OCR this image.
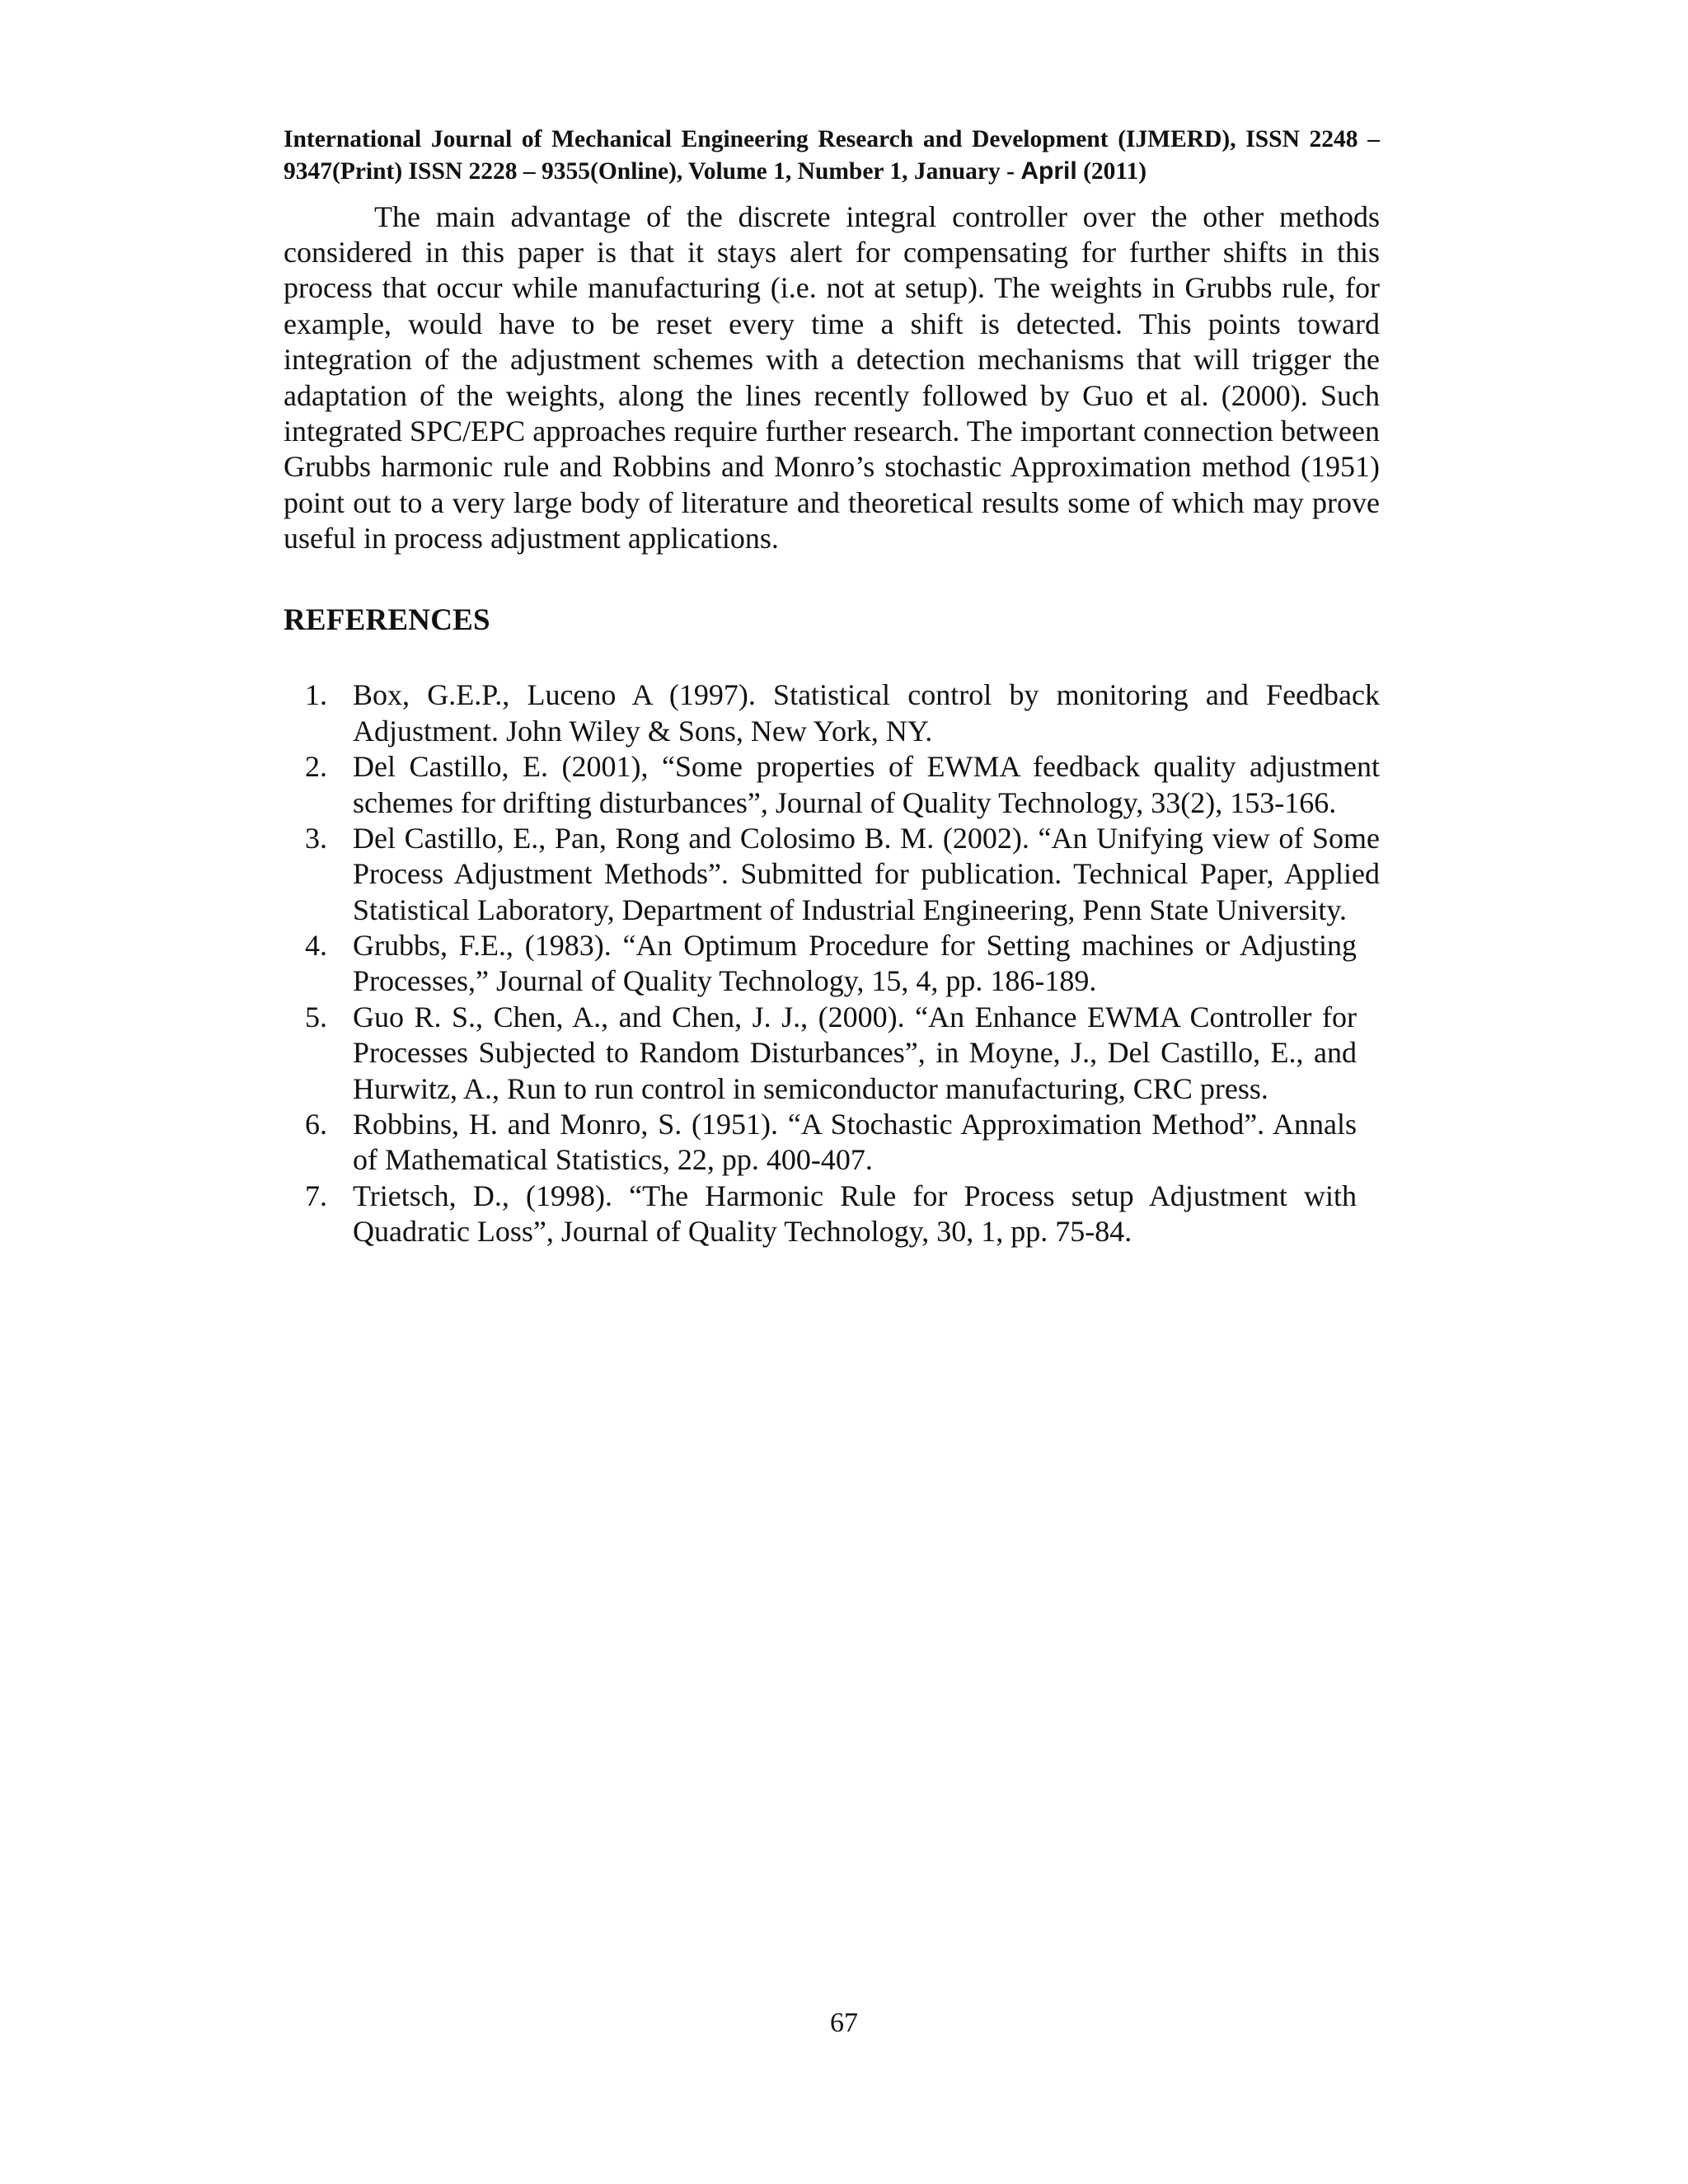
International Journal of Mechanical Engineering Research and Development (IJMERD), ISSN 2248 – 9347(Print) ISSN 2228 – 9355(Online), Volume 1, Number 1, January - April (2011)

The main advantage of the discrete integral controller over the other methods considered in this paper is that it stays alert for compensating for further shifts in this process that occur while manufacturing (i.e. not at setup). The weights in Grubbs rule, for example, would have to be reset every time a shift is detected. This points toward integration of the adjustment schemes with a detection mechanisms that will trigger the adaptation of the weights, along the lines recently followed by Guo et al. (2000). Such integrated SPC/EPC approaches require further research. The important connection between Grubbs harmonic rule and Robbins and Monro’s stochastic Approximation method (1951) point out to a very large body of literature and theoretical results some of which may prove useful in process adjustment applications.

REFERENCES
1. Box, G.E.P., Luceno A (1997). Statistical control by monitoring and Feedback Adjustment. John Wiley & Sons, New York, NY.
2. Del Castillo, E. (2001), “Some properties of EWMA feedback quality adjustment schemes for drifting disturbances”, Journal of Quality Technology, 33(2), 153-166.
3. Del Castillo, E., Pan, Rong and Colosimo B. M. (2002). “An Unifying view of Some Process Adjustment Methods”. Submitted for publication. Technical Paper, Applied Statistical Laboratory, Department of Industrial Engineering, Penn State University.
4. Grubbs, F.E., (1983). “An Optimum Procedure for Setting machines or Adjusting Processes,” Journal of Quality Technology, 15, 4, pp. 186-189.
5. Guo R. S., Chen, A., and Chen, J. J., (2000). “An Enhance EWMA Controller for Processes Subjected to Random Disturbances”, in Moyne, J., Del Castillo, E., and Hurwitz, A., Run to run control in semiconductor manufacturing, CRC press.
6. Robbins, H. and Monro, S. (1951). “A Stochastic Approximation Method”. Annals of Mathematical Statistics, 22, pp. 400-407.
7. Trietsch, D., (1998). “The Harmonic Rule for Process setup Adjustment with Quadratic Loss”, Journal of Quality Technology, 30, 1, pp. 75-84.
67
